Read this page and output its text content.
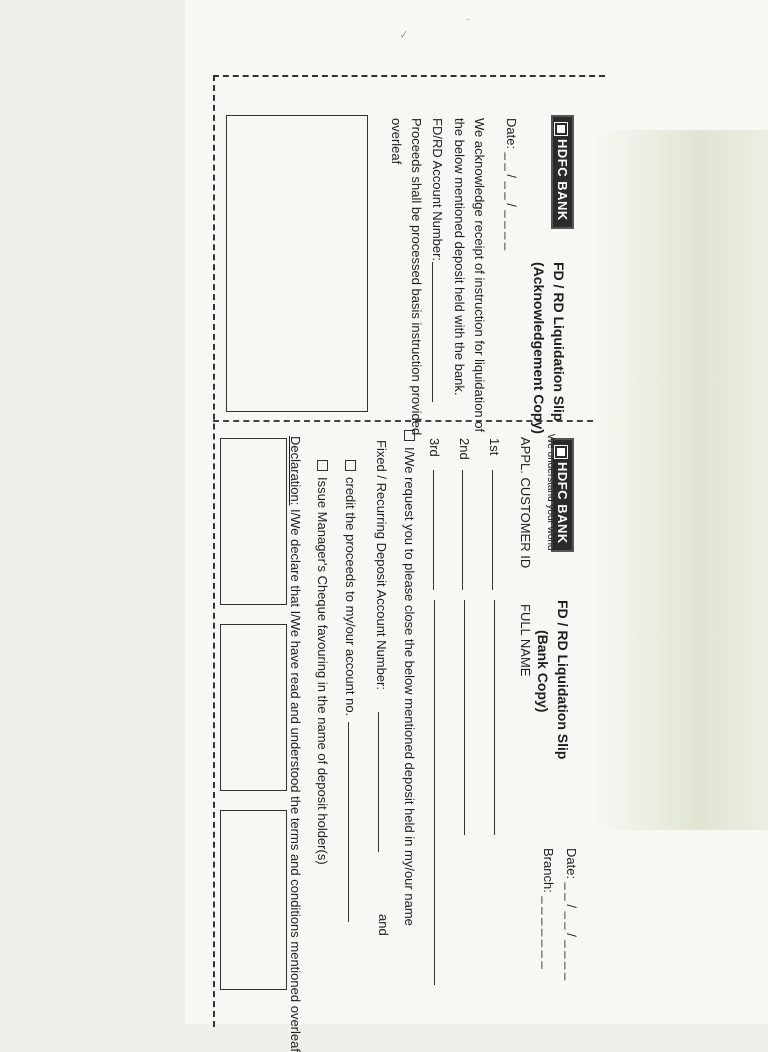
·⁄
·
HDFC BANK
FD / RD Liquidation Slip
(Acknowledgement Copy)
Date: _ _ / _ _ / _ _ _ _
We acknowledge receipt of instruction for liquidation of
the below mentioned deposit held with the bank.
FD/RD Account Number:
Proceeds shall be processed basis instruction provided
overleaf
HDFC BANK
We understand your world
FD / RD Liquidation Slip
(Bank Copy)
Date: _ _ / _ _ / _ _ _ _
Branch: _ _ _ _ _ _ _
APPL. CUSTOMER ID
FULL NAME
1st
2nd
3rd
I/We request you to please close the below mentioned deposit held in my/our name
Fixed / Recurring Deposit Account Number:
and
credit the proceeds to my/our account no.
Issue Manager's Cheque favouring in the name of deposit holder(s)
Declaration: I/We declare that I/We have read and understood the terms and conditions mentioned overleaf
